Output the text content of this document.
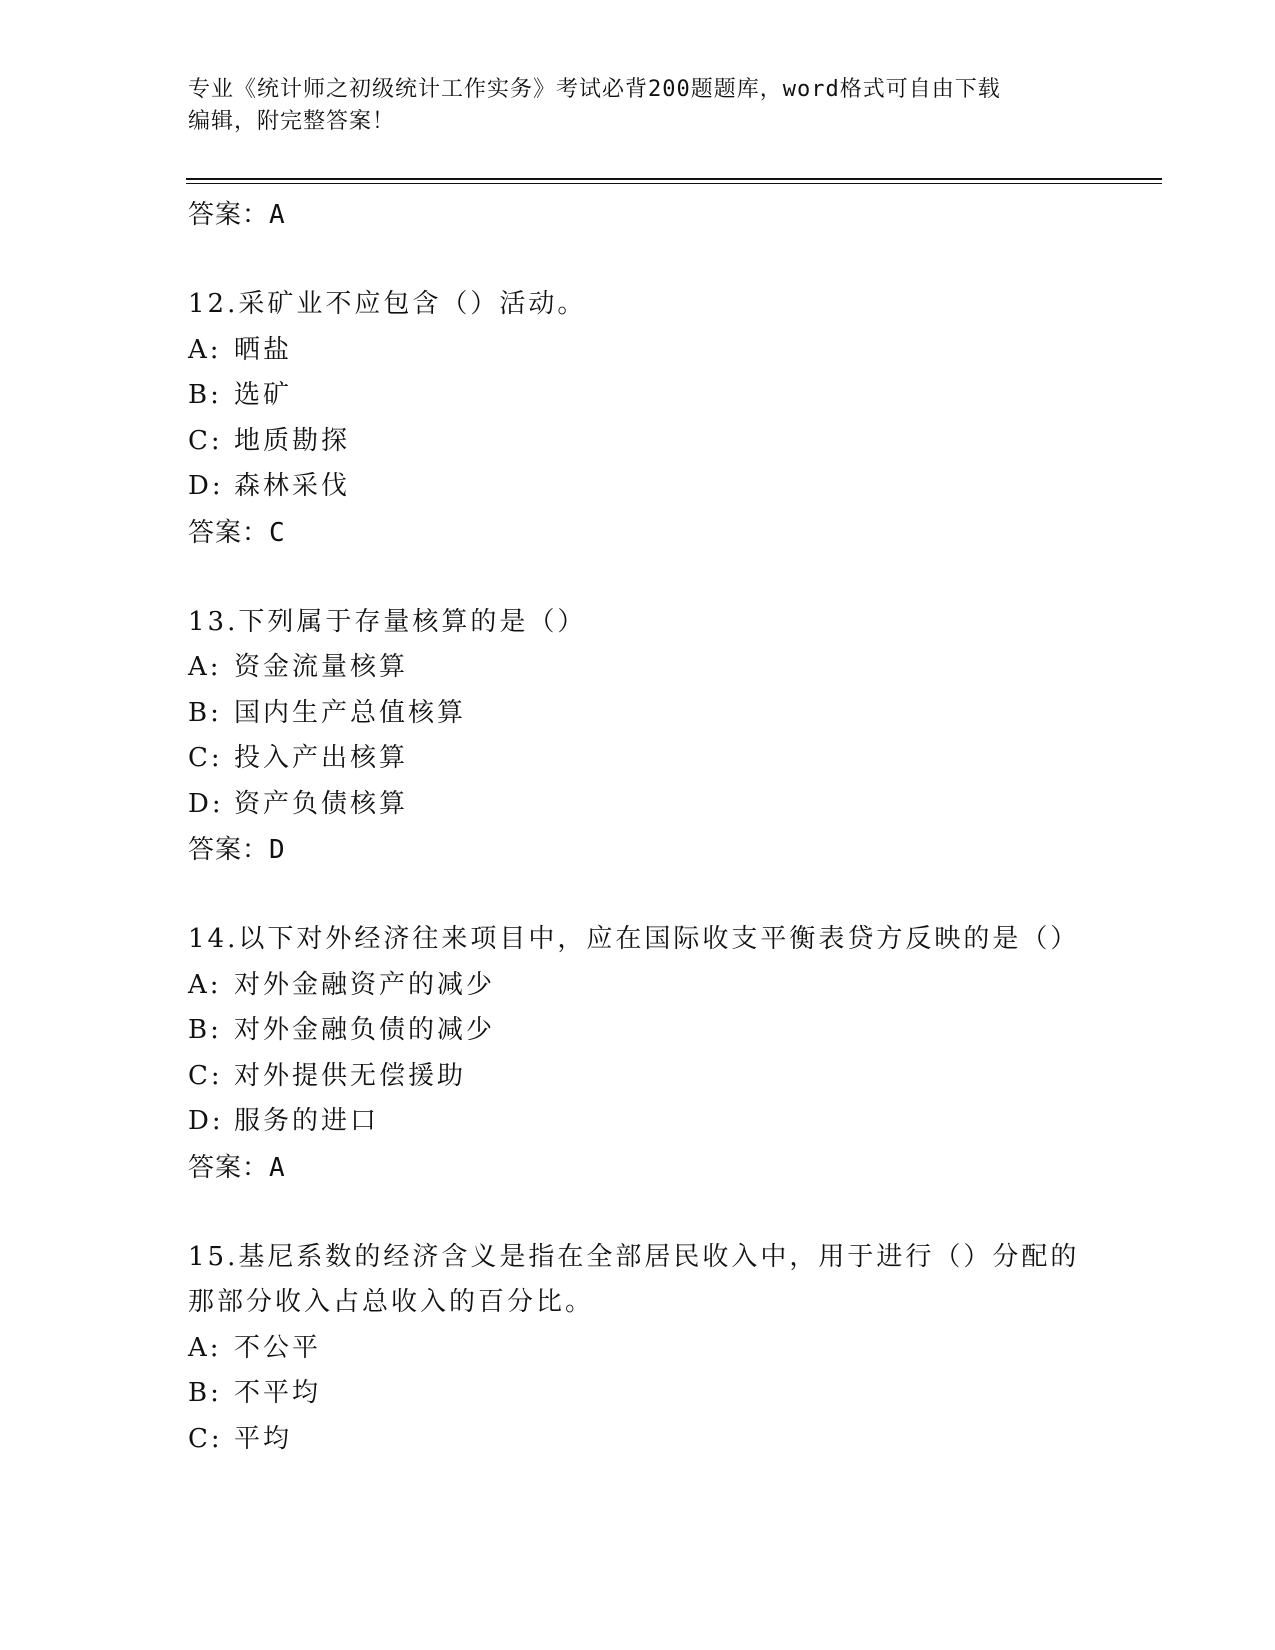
专业《统计师之初级统计工作实务》考试必背200题题库，word格式可自由下载
编辑，附完整答案！
答案：A
12.采矿业不应包含（）活动。
A: 晒盐
B: 选矿
C: 地质勘探
D: 森林采伐
答案：C
13.下列属于存量核算的是（）
A: 资金流量核算
B: 国内生产总值核算
C: 投入产出核算
D: 资产负债核算
答案：D
14.以下对外经济往来项目中，应在国际收支平衡表贷方反映的是（）
A: 对外金融资产的减少
B: 对外金融负债的减少
C: 对外提供无偿援助
D: 服务的进口
答案：A
15.基尼系数的经济含义是指在全部居民收入中，用于进行（）分配的
那部分收入占总收入的百分比。
A: 不公平
B: 不平均
C: 平均
